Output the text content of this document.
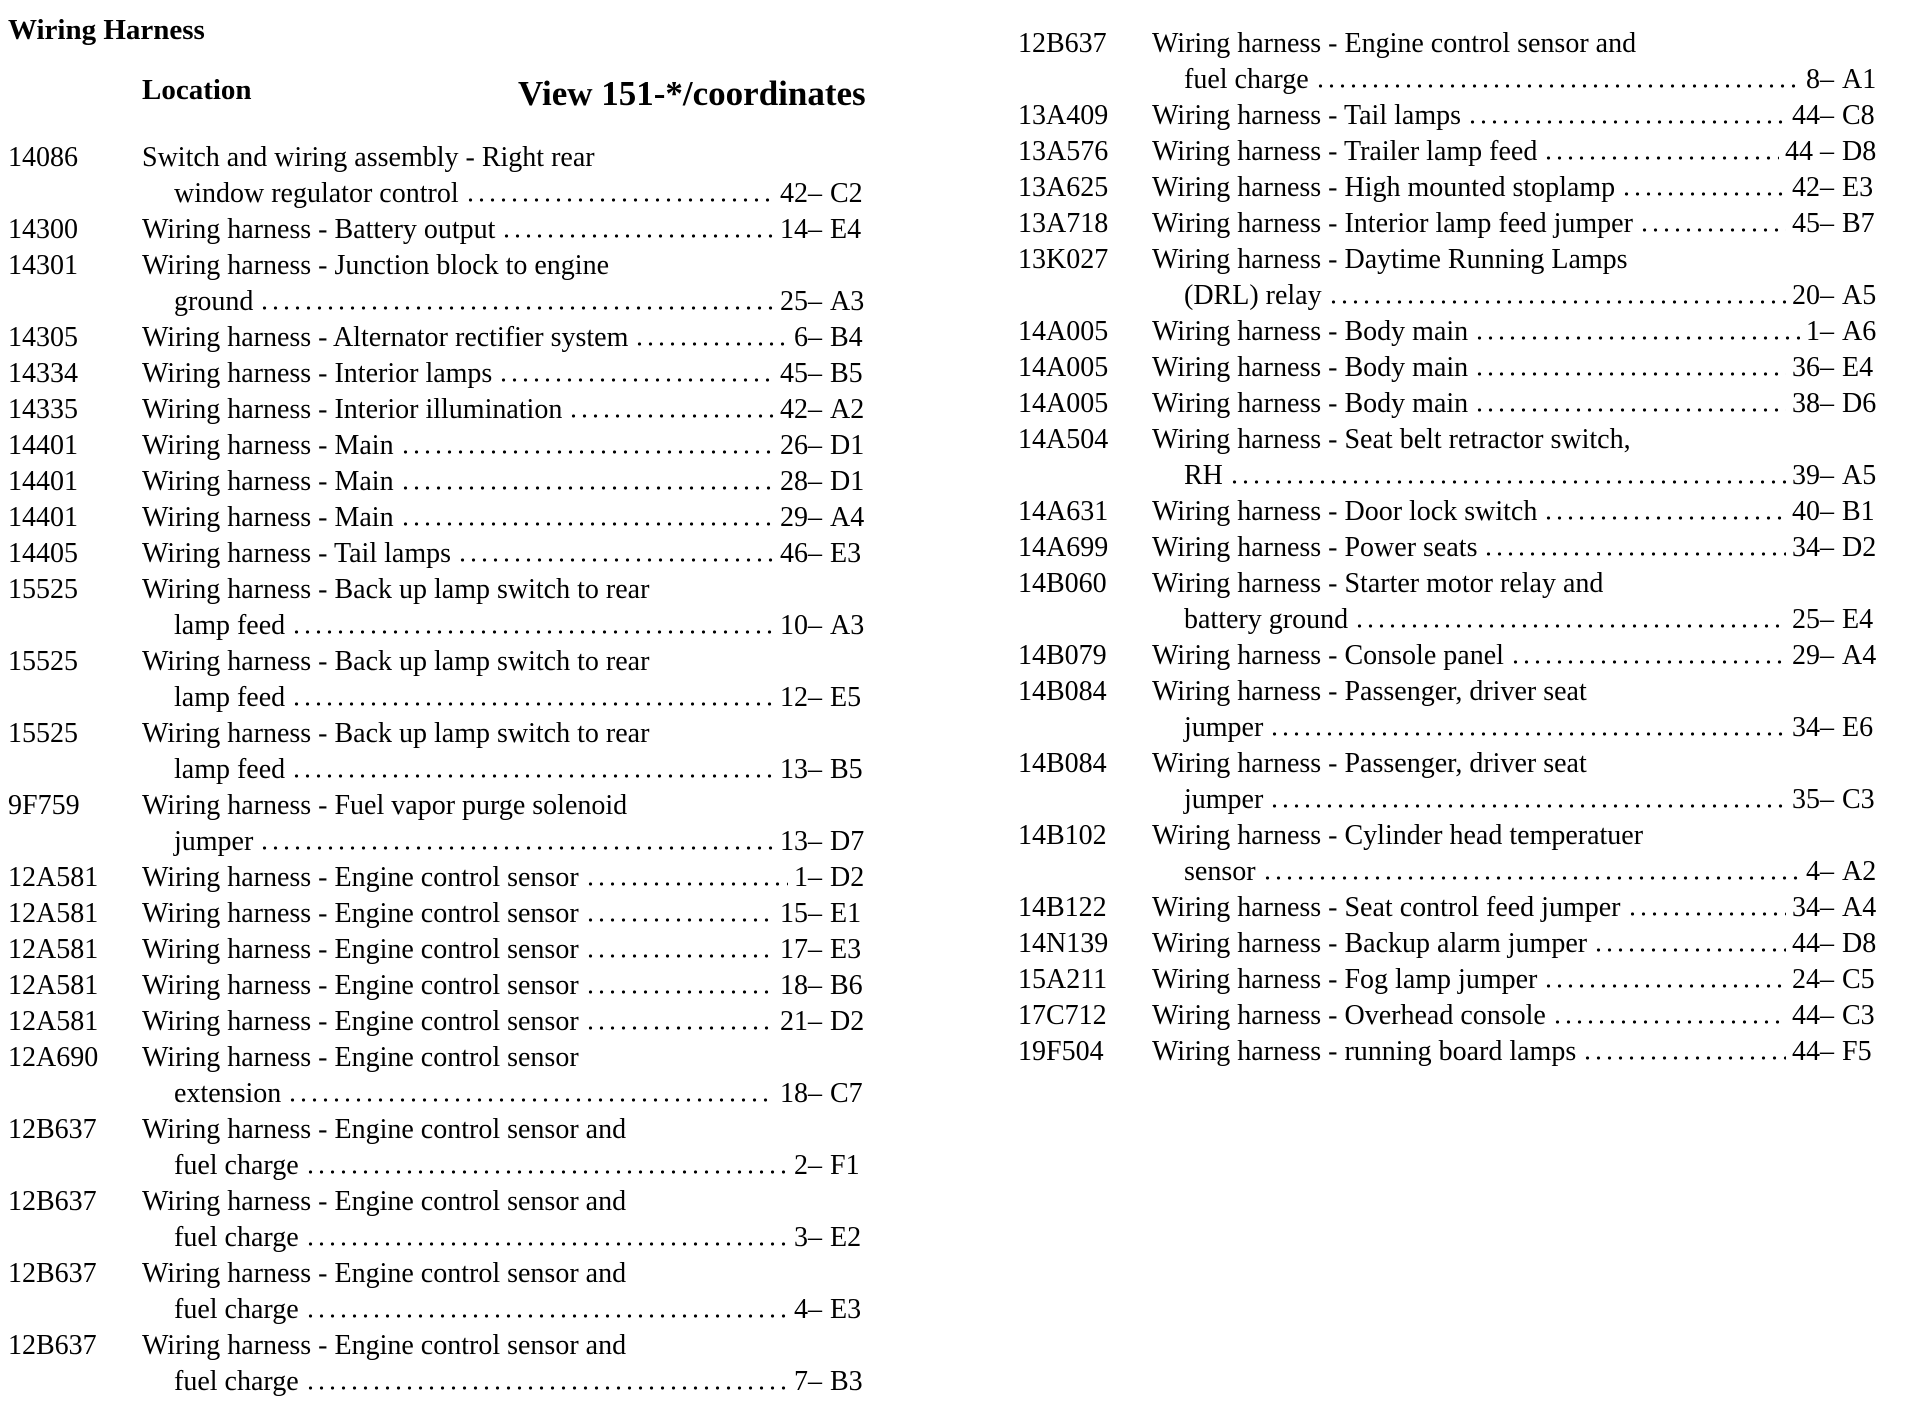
Wiring Harness
Location	View 151-*/coordinates
14086 Switch and wiring assembly - Right rear
window regulator control	42– C2
14300 Wiring harness - Battery output	14– E4
14301 Wiring harness - Junction block to engine
ground	25– A3
14305 Wiring harness - Alternator rectifier system	6– B4
14334 Wiring harness - Interior lamps	45– B5
14335 Wiring harness - Interior illumination	42– A2
14401 Wiring harness - Main	26– D1
14401 Wiring harness - Main	28– D1
14401 Wiring harness - Main	29– A4
14405 Wiring harness - Tail lamps	46– E3
15525 Wiring harness - Back up lamp switch to rear
lamp feed	10– A3
15525 Wiring harness - Back up lamp switch to rear
lamp feed	12– E5
15525 Wiring harness - Back up lamp switch to rear
lamp feed	13– B5
9F759 Wiring harness - Fuel vapor purge solenoid
jumper	13– D7
12A581 Wiring harness - Engine control sensor	1– D2
12A581 Wiring harness - Engine control sensor	15– E1
12A581 Wiring harness - Engine control sensor	17– E3
12A581 Wiring harness - Engine control sensor	18– B6
12A581 Wiring harness - Engine control sensor	21– D2
12A690 Wiring harness - Engine control sensor
extension	18– C7
12B637 Wiring harness - Engine control sensor and
fuel charge	2– F1
12B637 Wiring harness - Engine control sensor and
fuel charge	3– E2
12B637 Wiring harness - Engine control sensor and
fuel charge	4– E3
12B637 Wiring harness - Engine control sensor and
fuel charge	7– B3
12B637 Wiring harness - Engine control sensor and
fuel charge	8– A1
13A409 Wiring harness - Tail lamps	44– C8
13A576 Wiring harness - Trailer lamp feed	44 – D8
13A625 Wiring harness - High mounted stoplamp	42– E3
13A718 Wiring harness - Interior lamp feed jumper	45– B7
13K027 Wiring harness - Daytime Running Lamps
(DRL) relay	20– A5
14A005 Wiring harness - Body main	1– A6
14A005 Wiring harness - Body main	36– E4
14A005 Wiring harness - Body main	38– D6
14A504 Wiring harness - Seat belt retractor switch,
RH	39– A5
14A631 Wiring harness - Door lock switch	40– B1
14A699 Wiring harness - Power seats	34– D2
14B060 Wiring harness - Starter motor relay and
battery ground	25– E4
14B079 Wiring harness - Console panel	29– A4
14B084 Wiring harness - Passenger, driver seat
jumper	34– E6
14B084 Wiring harness - Passenger, driver seat
jumper	35– C3
14B102 Wiring harness - Cylinder head temperatuer
sensor	4– A2
14B122 Wiring harness - Seat control feed jumper	34– A4
14N139 Wiring harness - Backup alarm jumper	44– D8
15A211 Wiring harness - Fog lamp jumper	24– C5
17C712 Wiring harness - Overhead console	44– C3
19F504 Wiring harness - running board lamps	44– F5
